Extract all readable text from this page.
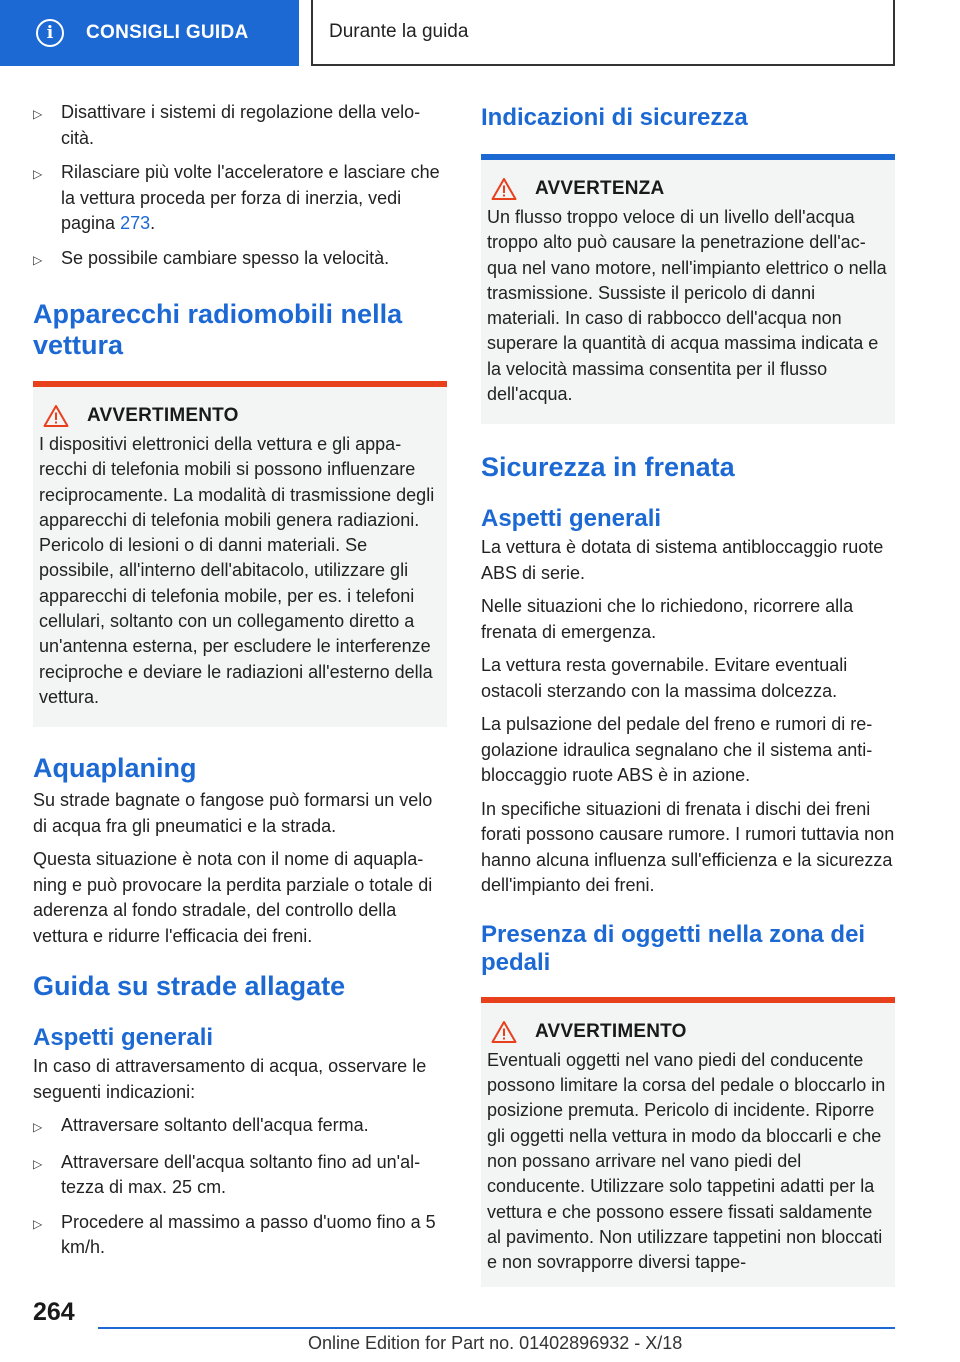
i	CONSIGLI GUIDA	Durante la guida
▷	Disattivare i sistemi di regolazione della velocità.
▷	Rilasciare più volte l'acceleratore e lasciare che la vettura proceda per forza di inerzia, vedi pagina 273.
▷	Se possibile cambiare spesso la velocità.
Apparecchi radiomobili nella vettura
AVVERTIMENTO
I dispositivi elettronici della vettura e gli apparecchi di telefonia mobili si possono influenzare reciprocamente. La modalità di trasmissione degli apparecchi di telefonia mobili genera radiazioni. Pericolo di lesioni o di danni materiali. Se possibile, all'interno dell'abitacolo, utilizzare gli apparecchi di telefonia mobile, per es. i telefoni cellulari, soltanto con un collegamento diretto a un'antenna esterna, per escludere le interferenze reciproche e deviare le radiazioni all'esterno della vettura.
Aquaplaning

Su strade bagnate o fangose può formarsi un velo di acqua fra gli pneumatici e la strada.

Questa situazione è nota con il nome di aquaplaning e può provocare la perdita parziale o totale di aderenza al fondo stradale, del controllo della vettura e ridurre l'efficacia dei freni.

Guida su strade allagate
Aspetti generali

In caso di attraversamento di acqua, osservare le seguenti indicazioni:

▷	Attraversare soltanto dell'acqua ferma.
▷	Attraversare dell'acqua soltanto fino ad un'altezza di max. 25 cm.
▷	Procedere al massimo a passo d'uomo fino a 5 km/h.
Indicazioni di sicurezza
AVVERTENZA
Un flusso troppo veloce di un livello dell'acqua troppo alto può causare la penetrazione dell'acqua nel vano motore, nell'impianto elettrico o nella trasmissione. Sussiste il pericolo di danni materiali. In caso di rabbocco dell'acqua non superare la quantità di acqua massima indicata e la velocità massima consentita per il flusso dell'acqua.
Sicurezza in frenata
Aspetti generali

La vettura è dotata di sistema antibloccaggio ruote ABS di serie.

Nelle situazioni che lo richiedono, ricorrere alla frenata di emergenza.

La vettura resta governabile. Evitare eventuali ostacoli sterzando con la massima dolcezza.

La pulsazione del pedale del freno e rumori di regolazione idraulica segnalano che il sistema antibloccaggio ruote ABS è in azione.

In specifiche situazioni di frenata i dischi dei freni forati possono causare rumore. I rumori tuttavia non hanno alcuna influenza sull'efficienza e la sicurezza dell'impianto dei freni.

Presenza di oggetti nella zona dei pedali
AVVERTIMENTO
Eventuali oggetti nel vano piedi del conducente possono limitare la corsa del pedale o bloccarlo in posizione premuta. Pericolo di incidente. Riporre gli oggetti nella vettura in modo da bloccarli e che non possano arrivare nel vano piedi del conducente. Utilizzare solo tappetini adatti per la vettura e che possono essere fissati saldamente al pavimento. Non utilizzare tappetini non bloccati e non sovrapporre diversi tappe-
264
Online Edition for Part no. 01402896932 - X/18
